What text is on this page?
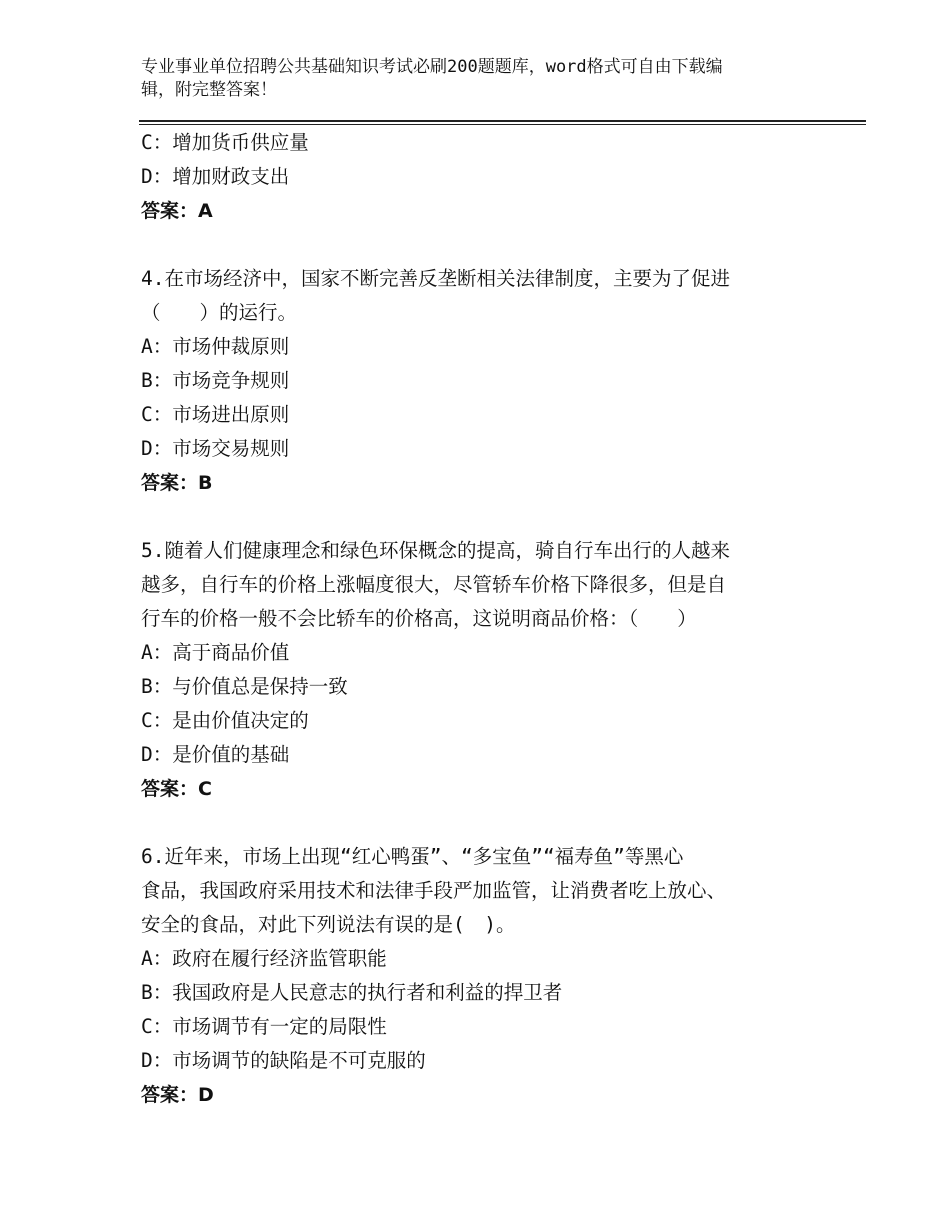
专业事业单位招聘公共基础知识考试必刷200题题库，word格式可自由下载编
辑，附完整答案！
C：增加货币供应量
D：增加财政支出
答案：A
4.在市场经济中，国家不断完善反垄断相关法律制度，主要为了促进
（　　）的运行。
A：市场仲裁原则
B：市场竞争规则
C：市场进出原则
D：市场交易规则
答案：B
5.随着人们健康理念和绿色环保概念的提高，骑自行车出行的人越来
越多，自行车的价格上涨幅度很大，尽管轿车价格下降很多，但是自
行车的价格一般不会比轿车的价格高，这说明商品价格：（　　）
A：高于商品价值
B：与价值总是保持一致
C：是由价值决定的
D：是价值的基础
答案：C
6.近年来，市场上出现“红心鸭蛋”、“多宝鱼”“福寿鱼”等黑心
食品，我国政府采用技术和法律手段严加监管，让消费者吃上放心、
安全的食品，对此下列说法有误的是(　)。
A：政府在履行经济监管职能
B：我国政府是人民意志的执行者和利益的捍卫者
C：市场调节有一定的局限性
D：市场调节的缺陷是不可克服的
答案：D
